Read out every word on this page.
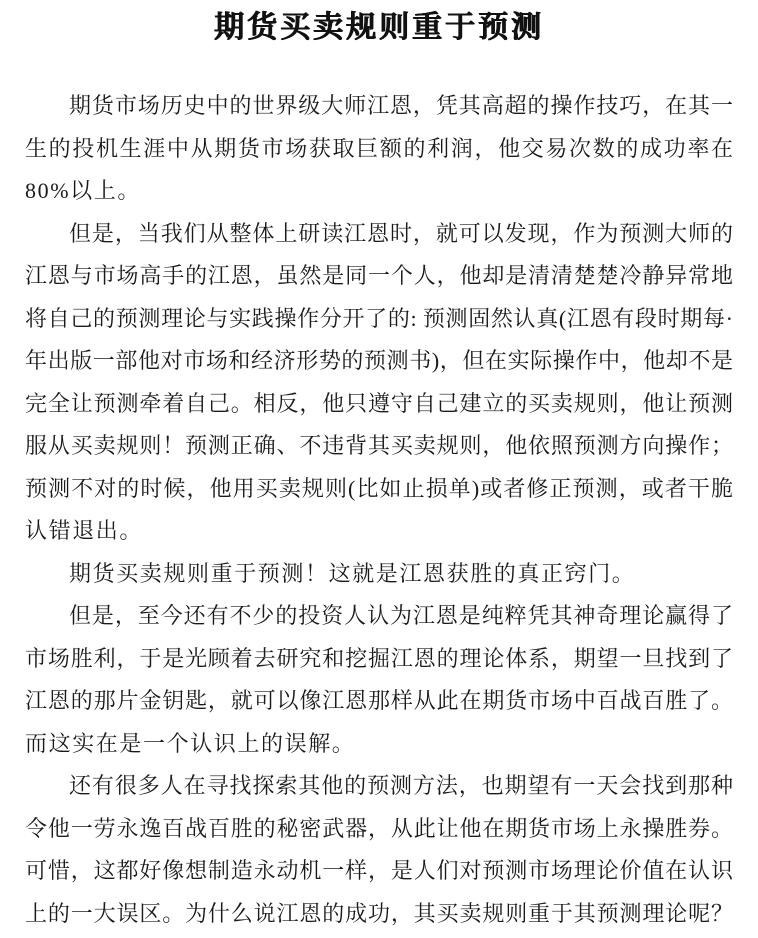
期货买卖规则重于预测
期货市场历史中的世界级大师江恩，凭其高超的操作技巧，在其一
生的投机生涯中从期货市场获取巨额的利润，他交易次数的成功率在
80%以上。
但是，当我们从整体上研读江恩时，就可以发现，作为预测大师的
江恩与市场高手的江恩，虽然是同一个人，他却是清清楚楚冷静异常地
将自己的预测理论与实践操作分开了的: 预测固然认真(江恩有段时期每·
年出版一部他对市场和经济形势的预测书)，但在实际操作中，他却不是
完全让预测牵着自己。相反，他只遵守自己建立的买卖规则，他让预测
服从买卖规则！预测正确、不违背其买卖规则，他依照预测方向操作；
预测不对的时候，他用买卖规则(比如止损单)或者修正预测，或者干脆
认错退出。
期货买卖规则重于预测！这就是江恩获胜的真正窍门。
但是，至今还有不少的投资人认为江恩是纯粹凭其神奇理论赢得了
市场胜利，于是光顾着去研究和挖掘江恩的理论体系，期望一旦找到了
江恩的那片金钥匙，就可以像江恩那样从此在期货市场中百战百胜了。
而这实在是一个认识上的误解。
还有很多人在寻找探索其他的预测方法，也期望有一天会找到那种
令他一劳永逸百战百胜的秘密武器，从此让他在期货市场上永操胜券。
可惜，这都好像想制造永动机一样，是人们对预测市场理论价值在认识
上的一大误区。为什么说江恩的成功，其买卖规则重于其预测理论呢？
